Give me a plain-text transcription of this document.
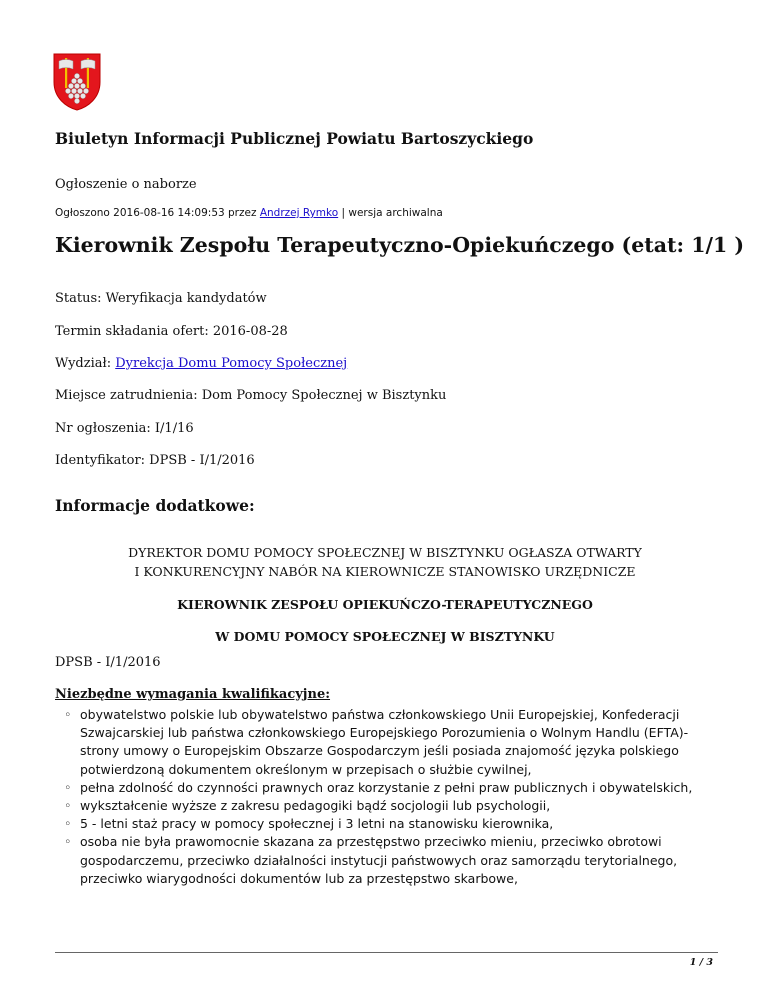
Biuletyn Informacji Publicznej Powiatu Bartoszyckiego

Ogłoszenie o naborze

Ogłoszono 2016-08-16 14:09:53 przez Andrzej Rymko | wersja archiwalna

Kierownik Zespołu Terapeutyczno-Opiekuńczego (etat: 1/1 )

Status: Weryfikacja kandydatów

Termin składania ofert: 2016-08-28

Wydział: Dyrekcja Domu Pomocy Społecznej

Miejsce zatrudnienia: Dom Pomocy Społecznej w Bisztynku

Nr ogłoszenia: I/1/16

Identyfikator: DPSB - I/1/2016

Informacje dodatkowe:

DYREKTOR DOMU POMOCY SPOŁECZNEJ W BISZTYNKU OGŁASZA OTWARTY

I KONKURENCYJNY NABÓR NA KIEROWNICZE STANOWISKO URZĘDNICZE

KIEROWNIK ZESPOŁU OPIEKUŃCZO-TERAPEUTYCZNEGO

W DOMU POMOCY SPOŁECZNEJ W BISZTYNKU

DPSB - I/1/2016

Niezbędne wymagania kwalifikacyjne:

◦ obywatelstwo polskie lub obywatelstwo państwa członkowskiego Unii Europejskiej, Konfederacji Szwajcarskiej lub państwa członkowskiego Europejskiego Porozumienia o Wolnym Handlu (EFTA)-strony umowy o Europejskim Obszarze Gospodarczym jeśli posiada znajomość języka polskiego potwierdzoną dokumentem określonym w przepisach o służbie cywilnej,
◦ pełna zdolność do czynności prawnych oraz korzystanie z pełni praw publicznych i obywatelskich,
◦ wykształcenie wyższe z zakresu pedagogiki bądź socjologii lub psychologii,
◦ 5 - letni staż pracy w pomocy społecznej i 3 letni na stanowisku kierownika,
◦ osoba nie była prawomocnie skazana za przestępstwo przeciwko mieniu, przeciwko obrotowi gospodarczemu, przeciwko działalności instytucji państwowych oraz samorządu terytorialnego, przeciwko wiarygodności dokumentów lub za przestępstwo skarbowe,
1 / 3
